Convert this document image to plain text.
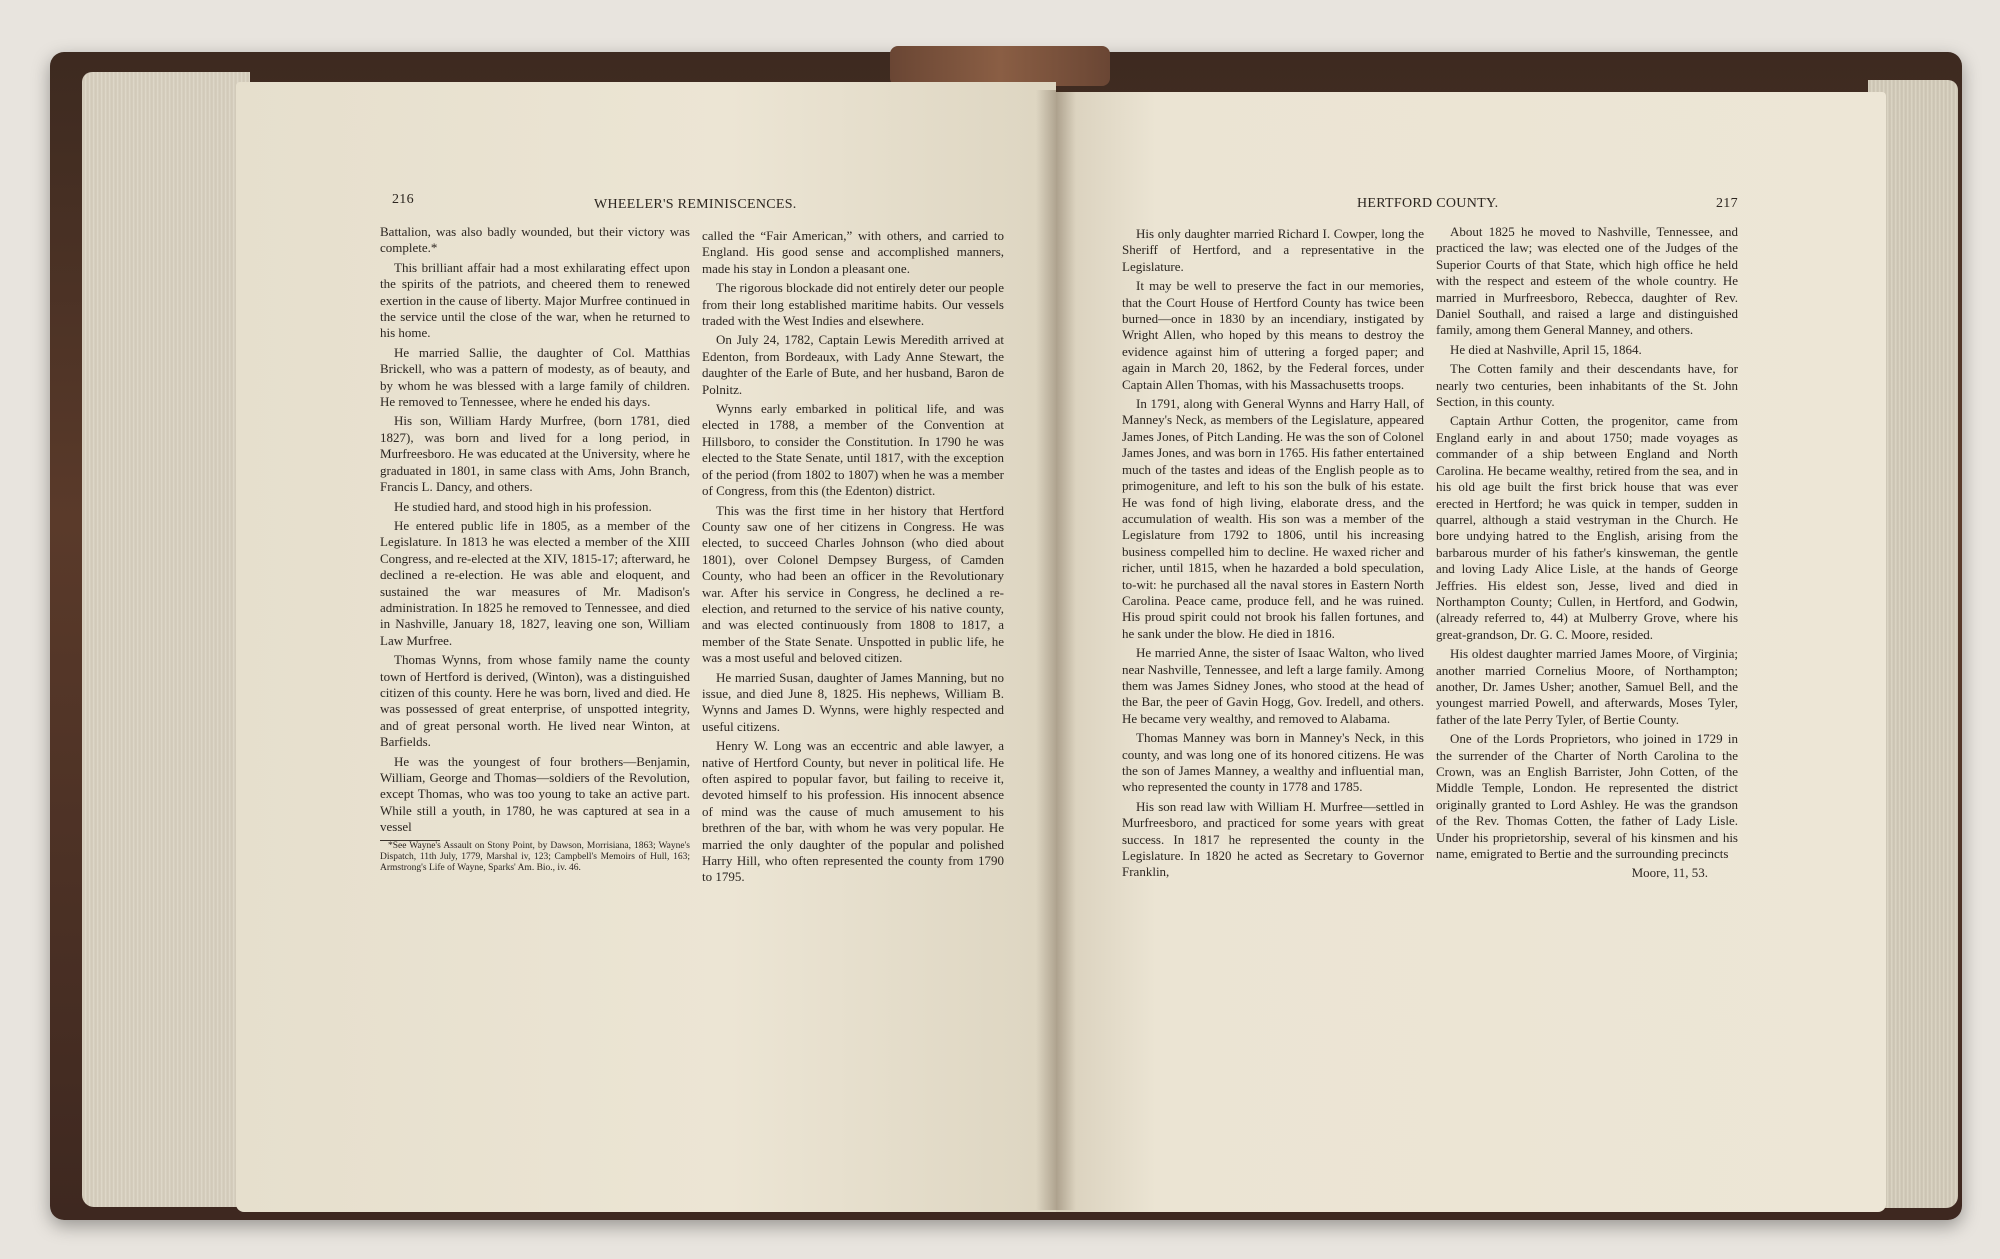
216	WHEELER'S REMINISCENCES.	HERTFORD COUNTY.	217

Battalion, was also badly wounded, but their victory was complete.*

This brilliant affair had a most exhilarating effect upon the spirits of the patriots, and cheered them to renewed exertion in the cause of liberty. Major Murfree continued in the service until the close of the war, when he returned to his home.

He married Sallie, the daughter of Col. Matthias Brickell, who was a pattern of modesty, as of beauty, and by whom he was blessed with a large family of children. He removed to Tennessee, where he ended his days.

His son, William Hardy Murfree, (born 1781, died 1827), was born and lived for a long period, in Murfreesboro. He was educated at the University, where he graduated in 1801, in same class with Ams, John Branch, Francis L. Dancy, and others.

He studied hard, and stood high in his profession.

He entered public life in 1805, as a member of the Legislature. In 1813 he was elected a member of the XIII Congress, and re-elected at the XIV, 1815-17; afterward, he declined a re-election. He was able and eloquent, and sustained the war measures of Mr. Madison's administration. In 1825 he removed to Tennessee, and died in Nashville, January 18, 1827, leaving one son, William Law Murfree.

Thomas Wynns, from whose family name the county town of Hertford is derived, (Winton), was a distinguished citizen of this county. Here he was born, lived and died. He was possessed of great enterprise, of unspotted integrity, and of great personal worth. He lived near Winton, at Barfields.

He was the youngest of four brothers—Benjamin, William, George and Thomas—soldiers of the Revolution, except Thomas, who was too young to take an active part. While still a youth, in 1780, he was captured at sea in a vessel

*See Wayne's Assault on Stony Point, by Dawson, Morrisiana, 1863; Wayne's Dispatch, 11th July, 1779, Marshal iv, 123; Campbell's Memoirs of Hull, 163; Armstrong's Life of Wayne, Sparks' Am. Bio., iv. 46.

called the “Fair American,” with others, and carried to England. His good sense and accomplished manners, made his stay in London a pleasant one.

The rigorous blockade did not entirely deter our people from their long established maritime habits. Our vessels traded with the West Indies and elsewhere.

On July 24, 1782, Captain Lewis Meredith arrived at Edenton, from Bordeaux, with Lady Anne Stewart, the daughter of the Earle of Bute, and her husband, Baron de Polnitz.

Wynns early embarked in political life, and was elected in 1788, a member of the Convention at Hillsboro, to consider the Constitution. In 1790 he was elected to the State Senate, until 1817, with the exception of the period (from 1802 to 1807) when he was a member of Congress, from this (the Edenton) district.

This was the first time in her history that Hertford County saw one of her citizens in Congress. He was elected, to succeed Charles Johnson (who died about 1801), over Colonel Dempsey Burgess, of Camden County, who had been an officer in the Revolutionary war. After his service in Congress, he declined a re-election, and returned to the service of his native county, and was elected continuously from 1808 to 1817, a member of the State Senate. Unspotted in public life, he was a most useful and beloved citizen.

He married Susan, daughter of James Manning, but no issue, and died June 8, 1825. His nephews, William B. Wynns and James D. Wynns, were highly respected and useful citizens.

Henry W. Long was an eccentric and able lawyer, a native of Hertford County, but never in political life. He often aspired to popular favor, but failing to receive it, devoted himself to his profession. His innocent absence of mind was the cause of much amusement to his brethren of the bar, with whom he was very popular. He married the only daughter of the popular and polished Harry Hill, who often represented the county from 1790 to 1795.

His only daughter married Richard I. Cowper, long the Sheriff of Hertford, and a representative in the Legislature.

It may be well to preserve the fact in our memories, that the Court House of Hertford County has twice been burned—once in 1830 by an incendiary, instigated by Wright Allen, who hoped by this means to destroy the evidence against him of uttering a forged paper; and again in March 20, 1862, by the Federal forces, under Captain Allen Thomas, with his Massachusetts troops.

In 1791, along with General Wynns and Harry Hall, of Manney's Neck, as members of the Legislature, appeared James Jones, of Pitch Landing. He was the son of Colonel James Jones, and was born in 1765. His father entertained much of the tastes and ideas of the English people as to primogeniture, and left to his son the bulk of his estate. He was fond of high living, elaborate dress, and the accumulation of wealth. His son was a member of the Legislature from 1792 to 1806, until his increasing business compelled him to decline. He waxed richer and richer, until 1815, when he hazarded a bold speculation, to-wit: he purchased all the naval stores in Eastern North Carolina. Peace came, produce fell, and he was ruined. His proud spirit could not brook his fallen fortunes, and he sank under the blow. He died in 1816.

He married Anne, the sister of Isaac Walton, who lived near Nashville, Tennessee, and left a large family. Among them was James Sidney Jones, who stood at the head of the Bar, the peer of Gavin Hogg, Gov. Iredell, and others. He became very wealthy, and removed to Alabama.

Thomas Manney was born in Manney's Neck, in this county, and was long one of its honored citizens. He was the son of James Manney, a wealthy and influential man, who represented the county in 1778 and 1785.

His son read law with William H. Murfree—settled in Murfreesboro, and practiced for some years with great success. In 1817 he represented the county in the Legislature. In 1820 he acted as Secretary to Governor Franklin,

About 1825 he moved to Nashville, Tennessee, and practiced the law; was elected one of the Judges of the Superior Courts of that State, which high office he held with the respect and esteem of the whole country. He married in Murfreesboro, Rebecca, daughter of Rev. Daniel Southall, and raised a large and distinguished family, among them General Manney, and others.

He died at Nashville, April 15, 1864.

The Cotten family and their descendants have, for nearly two centuries, been inhabitants of the St. John Section, in this county.

Captain Arthur Cotten, the progenitor, came from England early in and about 1750; made voyages as commander of a ship between England and North Carolina. He became wealthy, retired from the sea, and in his old age built the first brick house that was ever erected in Hertford; he was quick in temper, sudden in quarrel, although a staid vestryman in the Church. He bore undying hatred to the English, arising from the barbarous murder of his father's kinsweman, the gentle and loving Lady Alice Lisle, at the hands of George Jeffries. His eldest son, Jesse, lived and died in Northampton County; Cullen, in Hertford, and Godwin, (already referred to, 44) at Mulberry Grove, where his great-grandson, Dr. G. C. Moore, resided.

His oldest daughter married James Moore, of Virginia; another married Cornelius Moore, of Northampton; another, Dr. James Usher; another, Samuel Bell, and the youngest married Powell, and afterwards, Moses Tyler, father of the late Perry Tyler, of Bertie County.

One of the Lords Proprietors, who joined in 1729 in the surrender of the Charter of North Carolina to the Crown, was an English Barrister, John Cotten, of the Middle Temple, London. He represented the district originally granted to Lord Ashley. He was the grandson of the Rev. Thomas Cotten, the father of Lady Lisle. Under his proprietorship, several of his kinsmen and his name, emigrated to Bertie and the surrounding precincts

Moore, 11, 53.
